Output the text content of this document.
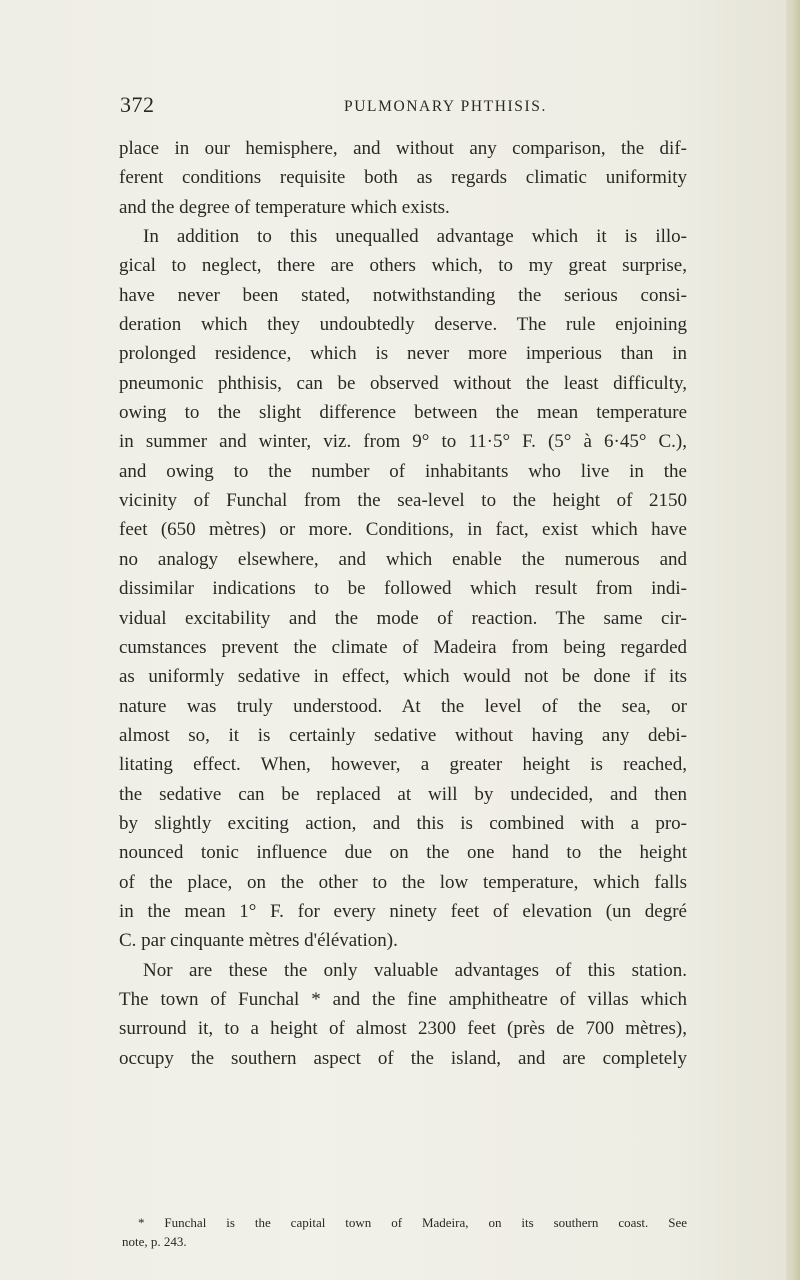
372	PULMONARY PHTHISIS.
place in our hemisphere, and without any comparison, the dif-
ferent conditions requisite both as regards climatic uniformity
and the degree of temperature which exists.
In addition to this unequalled advantage which it is illo-
gical to neglect, there are others which, to my great surprise,
have never been stated, notwithstanding the serious consi-
deration which they undoubtedly deserve. The rule enjoining
prolonged residence, which is never more imperious than in
pneumonic phthisis, can be observed without the least difficulty,
owing to the slight difference between the mean temperature
in summer and winter, viz. from 9° to 11·5° F. (5° à 6·45° C.),
and owing to the number of inhabitants who live in the
vicinity of Funchal from the sea-level to the height of 2150
feet (650 mètres) or more. Conditions, in fact, exist which have
no analogy elsewhere, and which enable the numerous and
dissimilar indications to be followed which result from indi-
vidual excitability and the mode of reaction. The same cir-
cumstances prevent the climate of Madeira from being regarded
as uniformly sedative in effect, which would not be done if its
nature was truly understood. At the level of the sea, or
almost so, it is certainly sedative without having any debi-
litating effect. When, however, a greater height is reached,
the sedative can be replaced at will by undecided, and then
by slightly exciting action, and this is combined with a pro-
nounced tonic influence due on the one hand to the height
of the place, on the other to the low temperature, which falls
in the mean 1° F. for every ninety feet of elevation (un degré
C. par cinquante mètres d'élévation).
Nor are these the only valuable advantages of this station.
The town of Funchal * and the fine amphitheatre of villas which
surround it, to a height of almost 2300 feet (près de 700 mètres),
occupy the southern aspect of the island, and are completely
* Funchal is the capital town of Madeira, on its southern coast. See
note, p. 243.
